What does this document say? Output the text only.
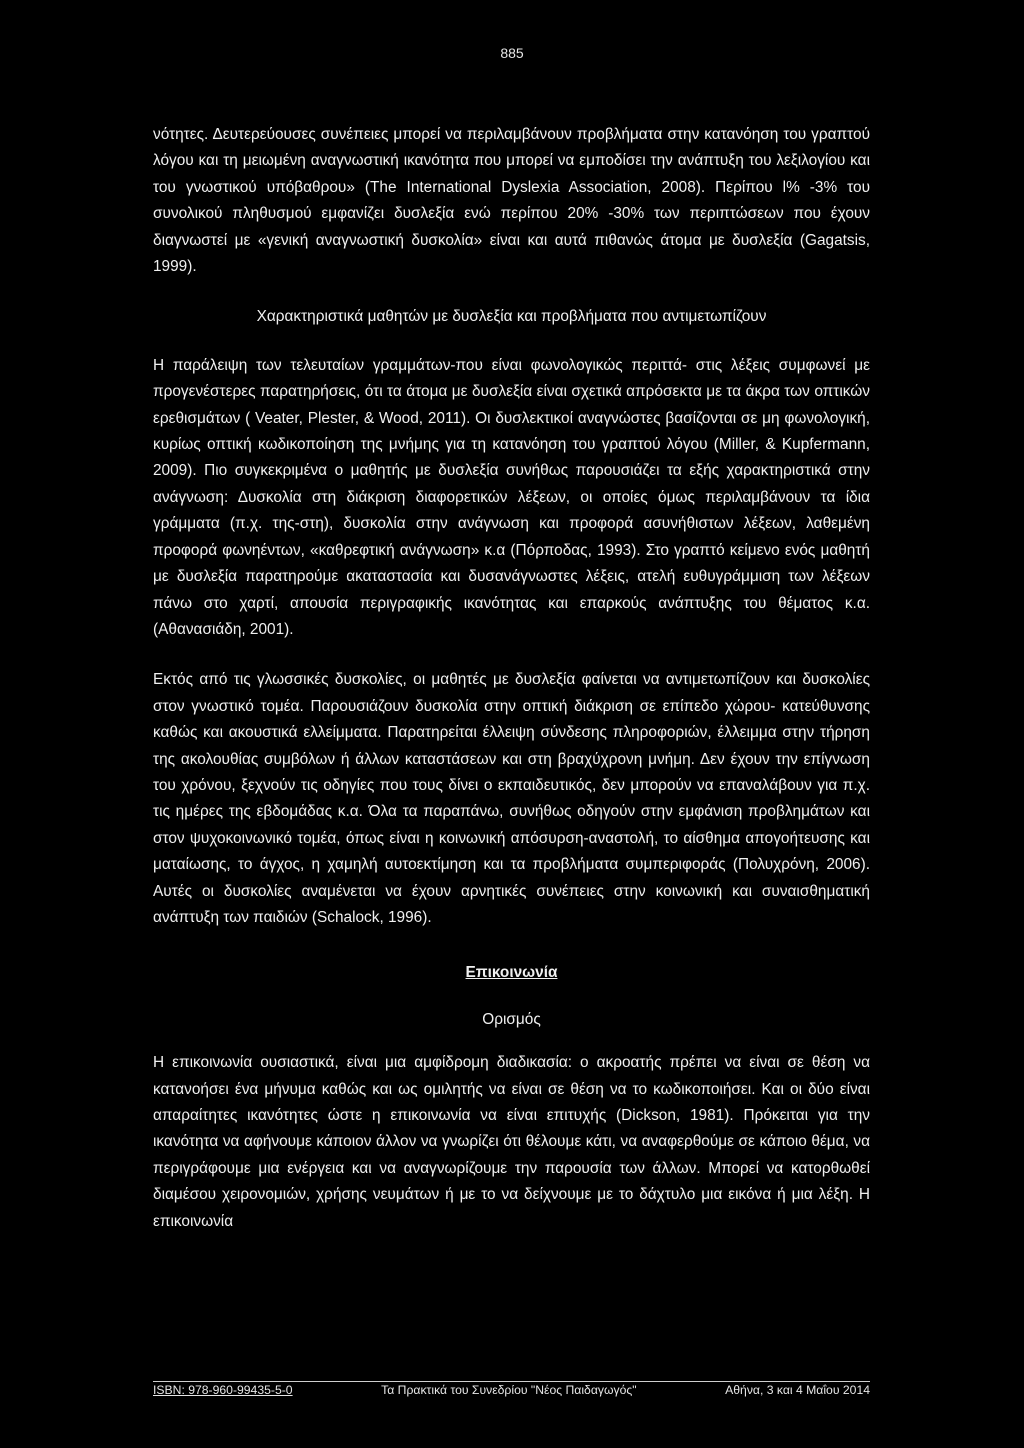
885

νότητες. Δευτερεύουσες συνέπειες μπορεί να περιλαμβάνουν προβλήματα στην κατανόηση του γραπτού λόγου και τη μειωμένη αναγνωστική ικανότητα που μπορεί να εμποδίσει την ανάπτυξη του λεξιλογίου και του γνωστικού υπόβαθρου» (The International Dyslexia Association, 2008). Περίπου l% -3% του συνολικού πληθυσμού εμφανίζει δυσλεξία ενώ περίπου 20% -30% των περιπτώσεων που έχουν διαγνωστεί με «γενική αναγνωστική δυσκολία» είναι και αυτά πιθανώς άτομα με δυσλεξία (Gagatsis, 1999).

Χαρακτηριστικά μαθητών με δυσλεξία και προβλήματα που αντιμετωπίζουν

Η παράλειψη των τελευταίων γραμμάτων-που είναι φωνολογικώς περιττά- στις λέξεις συμφωνεί με προγενέστερες παρατηρήσεις, ότι τα άτομα με δυσλεξία είναι σχετικά απρόσεκτα με τα άκρα των οπτικών ερεθισμάτων ( Veater, Plester, & Wood, 2011). Οι δυσλεκτικοί αναγνώστες βασίζονται σε μη φωνολογική, κυρίως οπτική κωδικοποίηση της μνήμης για τη κατανόηση του γραπτού λόγου (Miller, & Kupfermann, 2009). Πιο συγκεκριμένα ο μαθητής με δυσλεξία συνήθως παρουσιάζει τα εξής χαρακτηριστικά στην ανάγνωση: Δυσκολία στη διάκριση διαφορετικών λέξεων, οι οποίες όμως περιλαμβάνουν τα ίδια γράμματα (π.χ. της-στη), δυσκολία στην ανάγνωση και προφορά ασυνήθιστων λέξεων, λαθεμένη προφορά φωνηέντων, «καθρεφτική ανάγνωση» κ.α (Πόρποδας, 1993). Στο γραπτό κείμενο ενός μαθητή με δυσλεξία παρατηρούμε ακαταστασία και δυσανάγνωστες λέξεις, ατελή ευθυγράμμιση των λέξεων πάνω στο χαρτί, απουσία περιγραφικής ικανότητας και επαρκούς ανάπτυξης του θέματος κ.α. (Αθανασιάδη, 2001).

Εκτός από τις γλωσσικές δυσκολίες, οι μαθητές με δυσλεξία φαίνεται να αντιμετωπίζουν και δυσκολίες στον γνωστικό τομέα. Παρουσιάζουν δυσκολία στην οπτική διάκριση σε επίπεδο χώρου- κατεύθυνσης καθώς και ακουστικά ελλείμματα. Παρατηρείται έλλειψη σύνδεσης πληροφοριών, έλλειμμα στην τήρηση της ακολουθίας συμβόλων ή άλλων καταστάσεων και στη βραχύχρονη μνήμη. Δεν έχουν την επίγνωση του χρόνου, ξεχνούν τις οδηγίες που τους δίνει ο εκπαιδευτικός, δεν μπορούν να επαναλάβουν για π.χ. τις ημέρες της εβδομάδας κ.α. Όλα τα παραπάνω, συνήθως οδηγούν στην εμφάνιση προβλημάτων και στον ψυχοκοινωνικό τομέα, όπως είναι η κοινωνική απόσυρση-αναστολή, το αίσθημα απογοήτευσης και ματαίωσης, το άγχος, η χαμηλή αυτοεκτίμηση και τα προβλήματα συμπεριφοράς (Πολυχρόνη, 2006). Αυτές οι δυσκολίες αναμένεται να έχουν αρνητικές συνέπειες στην κοινωνική και συναισθηματική ανάπτυξη των παιδιών (Schalock, 1996).

Επικοινωνία
Ορισμός

Η επικοινωνία ουσιαστικά, είναι μια αμφίδρομη διαδικασία: ο ακροατής πρέπει να είναι σε θέση να κατανοήσει ένα μήνυμα καθώς και ως ομιλητής να είναι σε θέση να το κωδικοποιήσει. Και οι δύο είναι απαραίτητες ικανότητες ώστε η επικοινωνία να είναι επιτυχής (Dickson, 1981). Πρόκειται για την ικανότητα να αφήνουμε κάποιον άλλον να γνωρίζει ότι θέλουμε κάτι, να αναφερθούμε σε κάποιο θέμα, να περιγράφουμε μια ενέργεια και να αναγνωρίζουμε την παρουσία των άλλων. Μπορεί να κατορθωθεί διαμέσου χειρονομιών, χρήσης νευμάτων ή με το να δείχνουμε με το δάχτυλο μια εικόνα ή μια λέξη. Η επικοινωνία

ISBN: 978-960-99435-5-0	Τα Πρακτικά του Συνεδρίου "Νέος Παιδαγωγός"	Αθήνα, 3 και 4 Μαΐου 2014
